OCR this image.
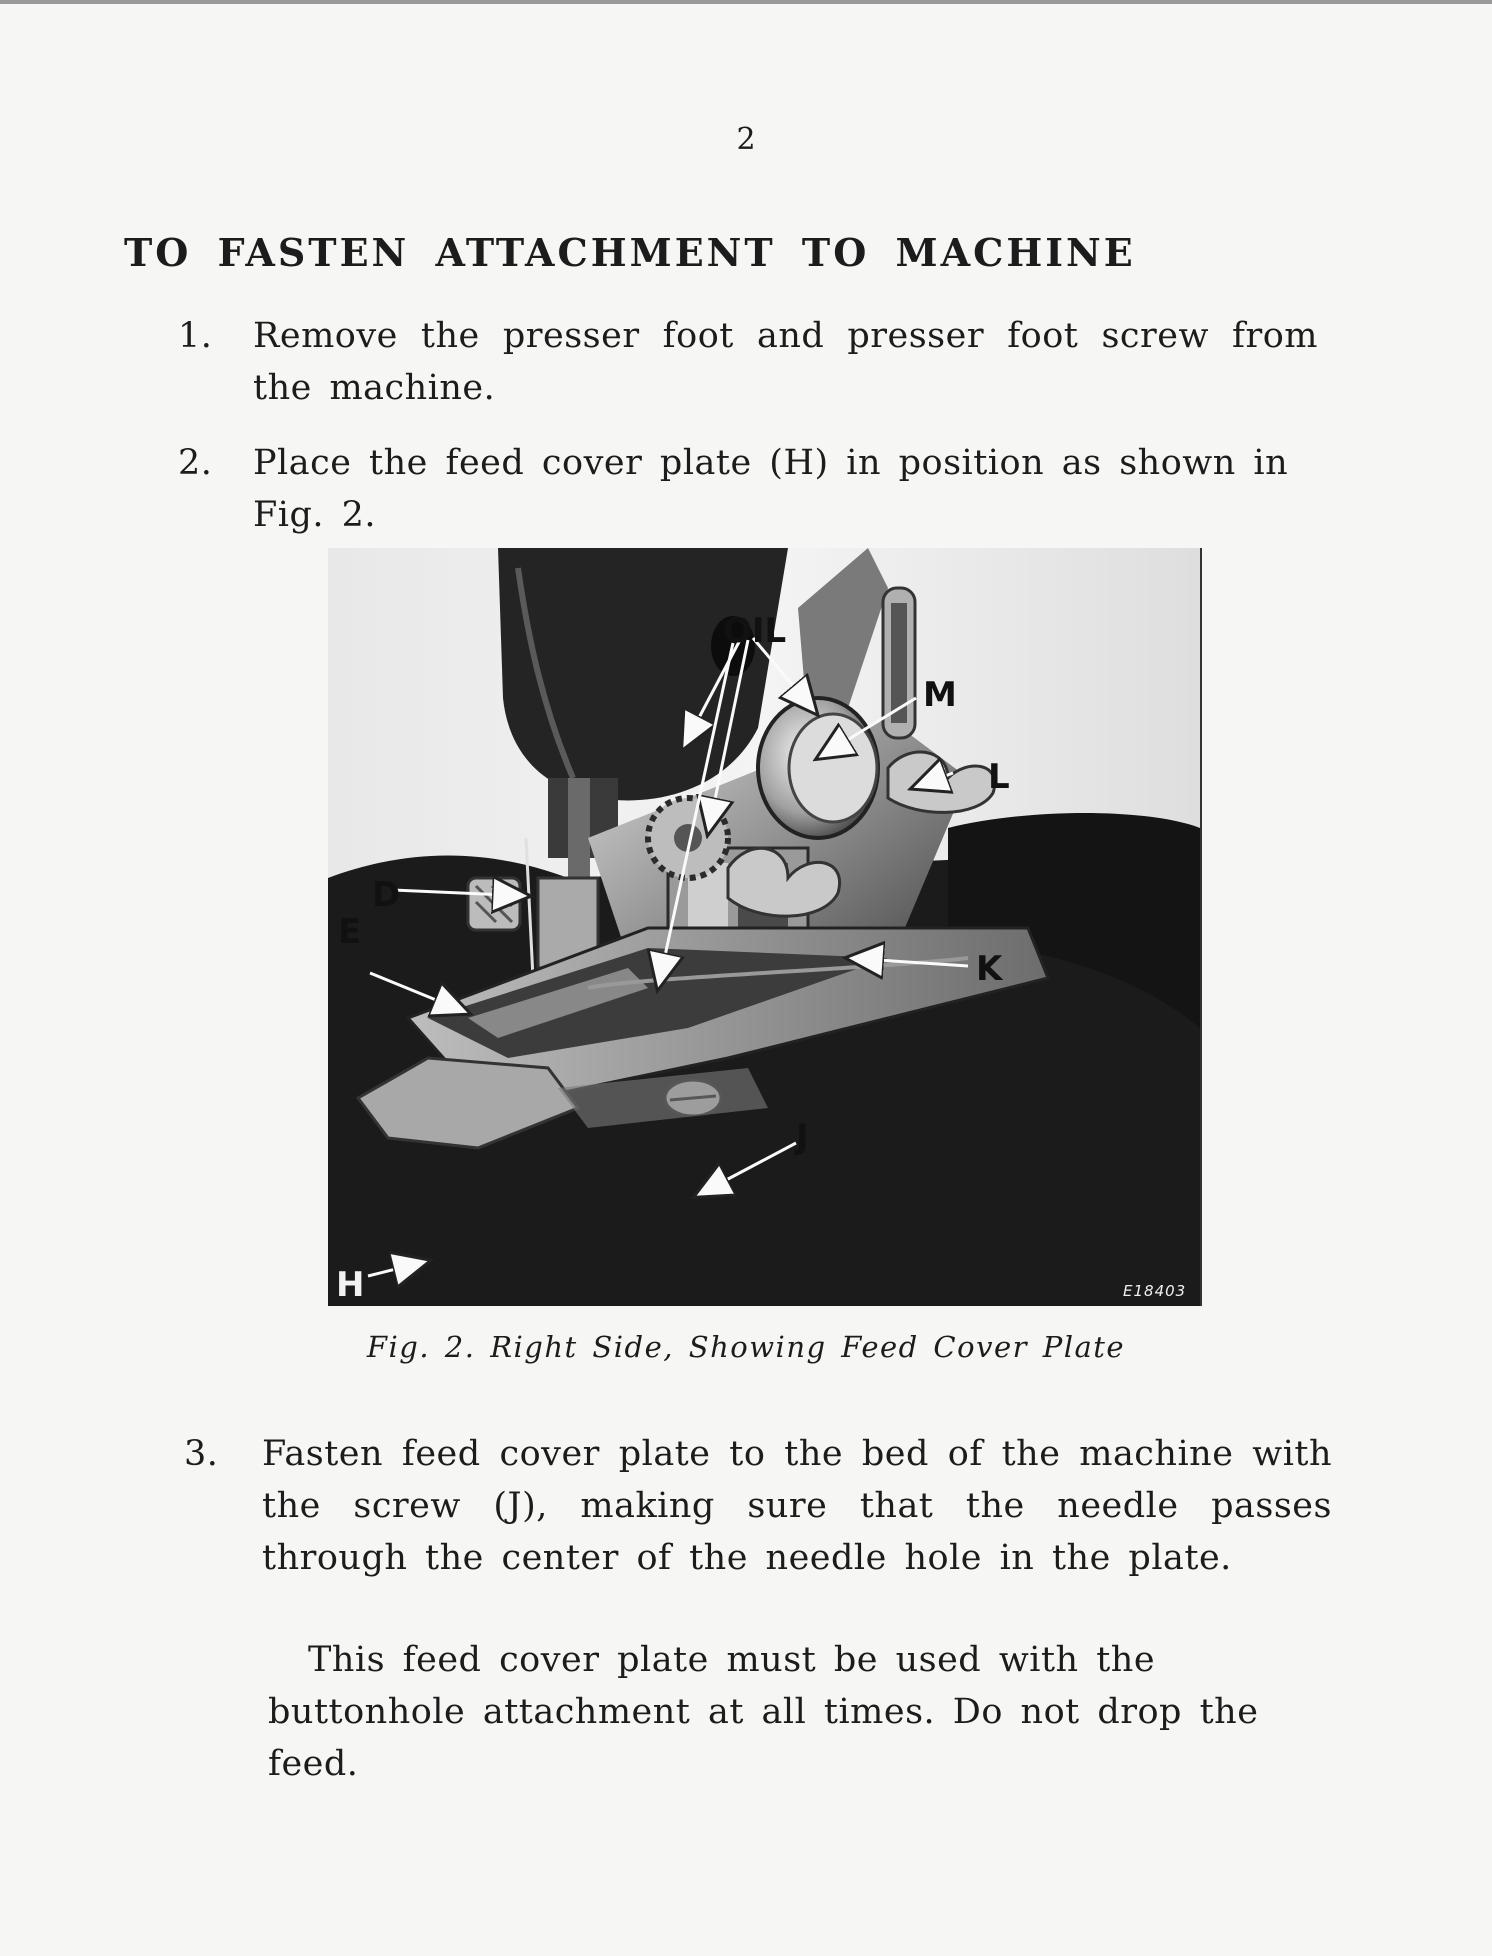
2
TO FASTEN ATTACHMENT TO MACHINE
1. Remove the presser foot and presser foot screw from the machine.
2. Place the feed cover plate (H) in position as shown in Fig. 2.
OIL
D
E
H
J
K
L
M
E18403
Fig. 2. Right Side, Showing Feed Cover Plate
3. Fasten feed cover plate to the bed of the machine with the screw (J), making sure that the needle passes through the center of the needle hole in the plate.

This feed cover plate must be used with the buttonhole attachment at all times. Do not drop the feed.
